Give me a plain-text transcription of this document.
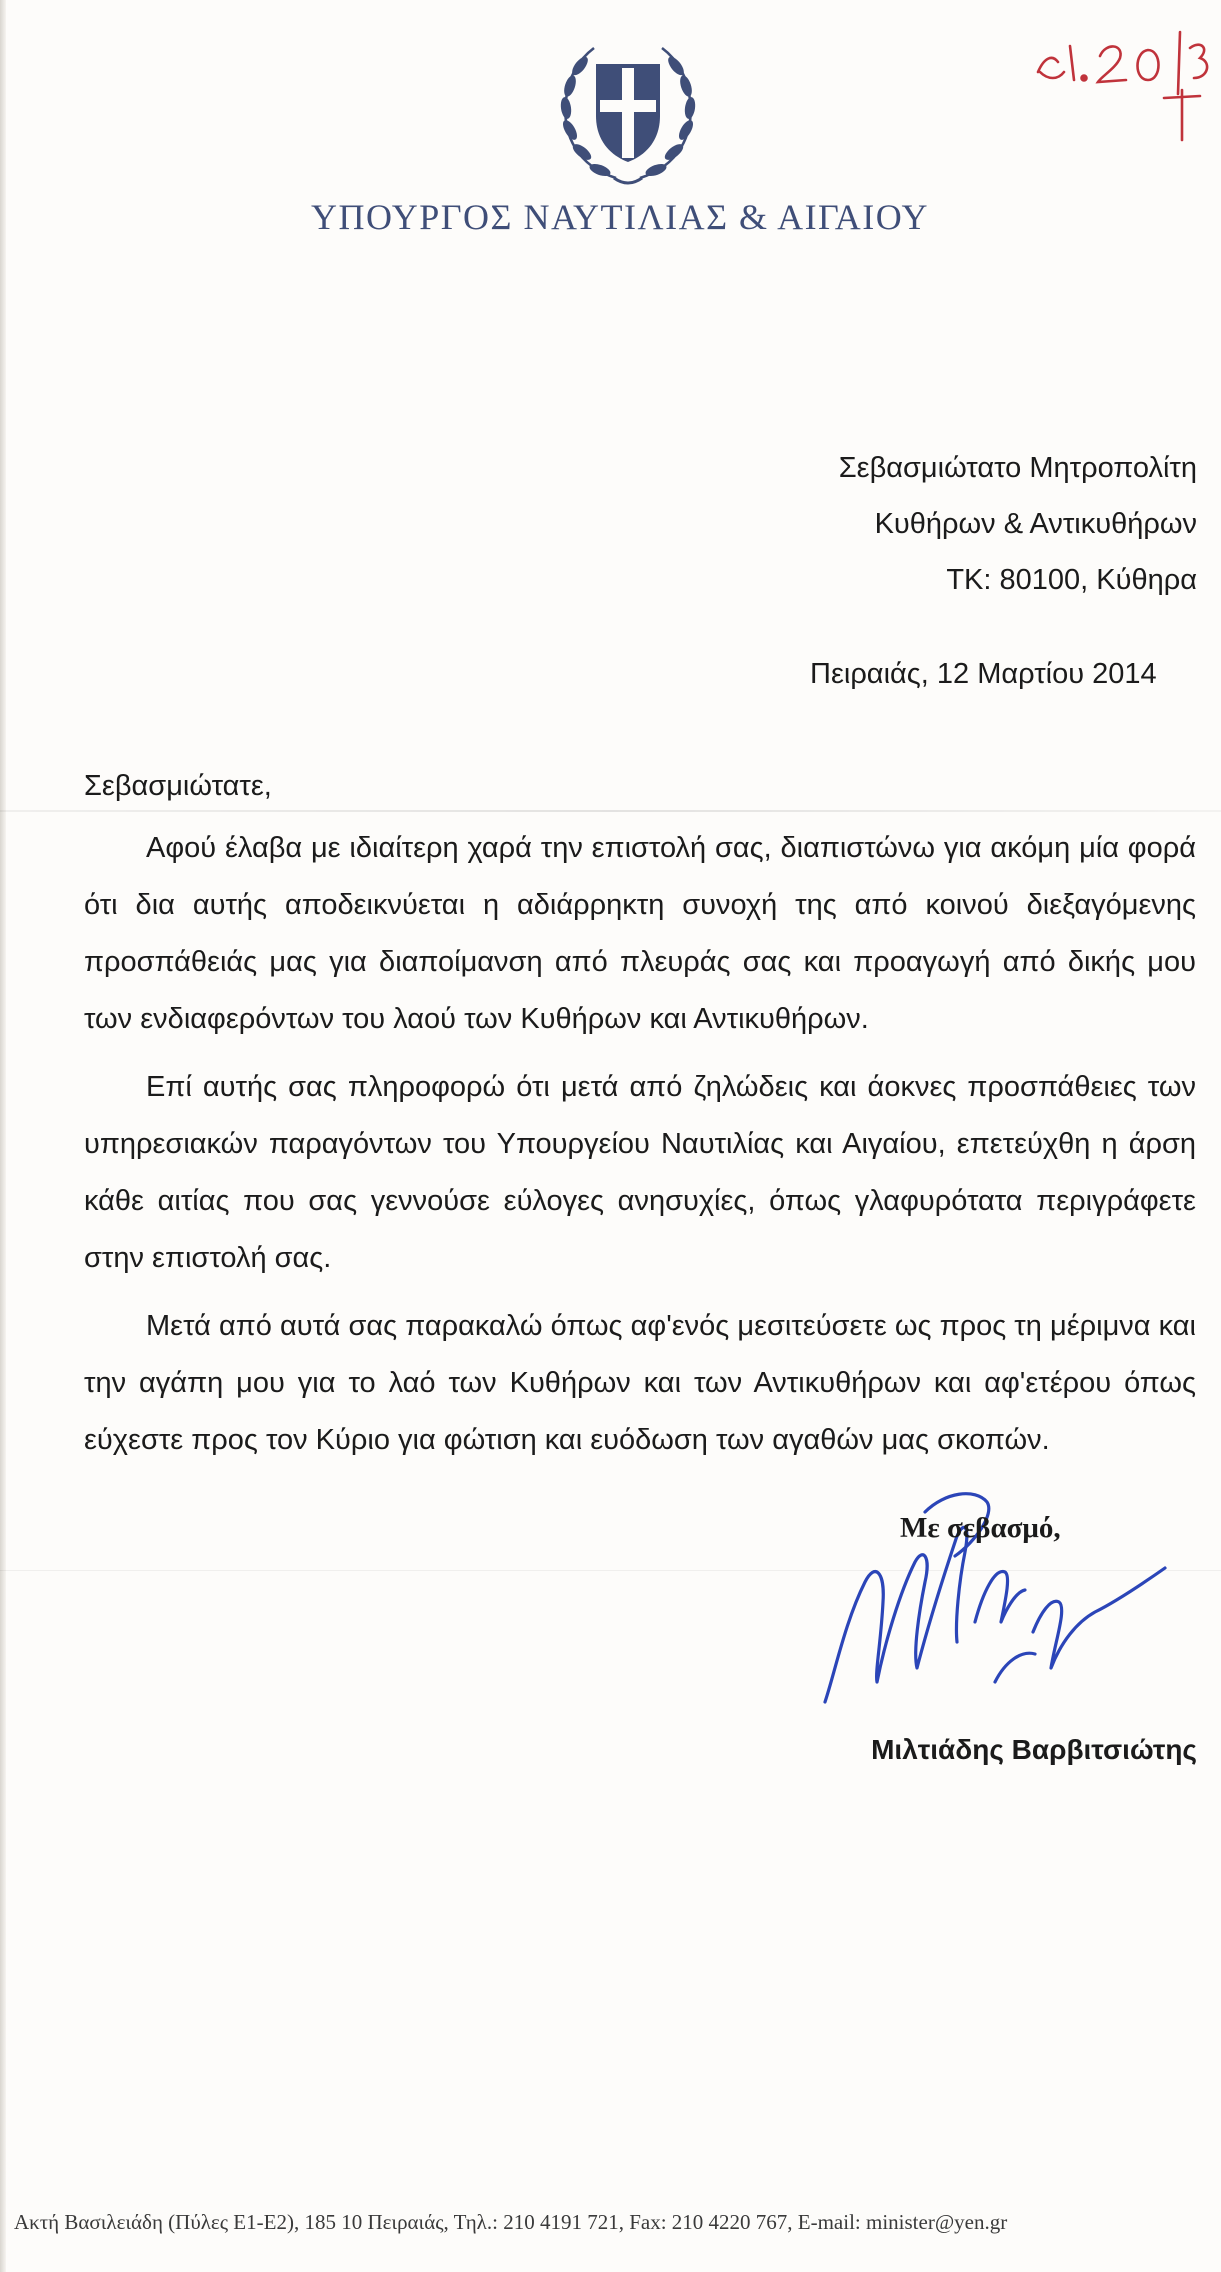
ΥΠΟΥΡΓΟΣ ΝΑΥΤΙΛΙΑΣ & ΑΙΓΑΙΟΥ
Σεβασμιώτατο Μητροπολίτη
Κυθήρων & Αντικυθήρων
ΤΚ: 80100, Κύθηρα
Πειραιάς, 12 Μαρτίου 2014
Σεβασμιώτατε,

Αφού έλαβα με ιδιαίτερη χαρά την επιστολή σας, διαπιστώνω για ακόμη μία φορά ότι δια αυτής αποδεικνύεται η αδιάρρηκτη συνοχή της από κοινού διεξαγόμενης προσπάθειάς μας για διαποίμανση από πλευράς σας και προαγωγή από δικής μου των ενδιαφερόντων του λαού των Κυθήρων και Αντικυθήρων.

Επί αυτής σας πληροφορώ ότι μετά από ζηλώδεις και άοκνες προσπάθειες των υπηρεσιακών παραγόντων του Υπουργείου Ναυτιλίας και Αιγαίου, επετεύχθη η άρση κάθε αιτίας που σας γεννούσε εύλογες ανησυχίες, όπως γλαφυρότατα περιγράφετε στην επιστολή σας.

Μετά από αυτά σας παρακαλώ όπως αφ'ενός μεσιτεύσετε ως προς τη μέριμνα και την αγάπη μου για το λαό των Κυθήρων και των Αντικυθήρων και αφ'ετέρου όπως εύχεστε προς τον Κύριο για φώτιση και ευόδωση των αγαθών μας σκοπών.

Με σεβασμό,
Μιλτιάδης Βαρβιτσιώτης
Ακτή Βασιλειάδη (Πύλες Ε1-Ε2), 185 10 Πειραιάς, Τηλ.: 210 4191 721, Fax: 210 4220 767, E-mail: minister@yen.gr
